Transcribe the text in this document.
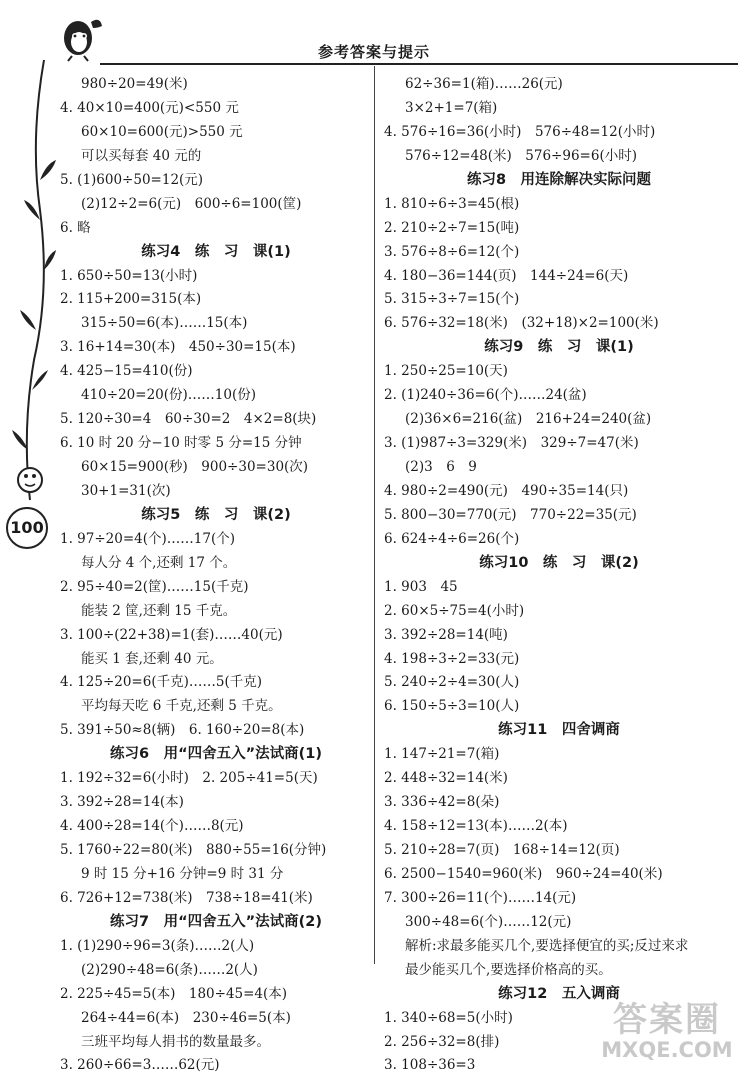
参考答案与提示
100
980÷20=49(米)
4. 40×10=400(元)<550 元
60×10=600(元)>550 元
可以买每套 40 元的
5. (1)600÷50=12(元)
(2)12÷2=6(元)　600÷6=100(筐)
6. 略
练习4　练　习　课(1)
1. 650÷50=13(小时)
2. 115+200=315(本)
315÷50=6(本)……15(本)
3. 16+14=30(本)　450÷30=15(本)
4. 425−15=410(份)
410÷20=20(份)……10(份)
5. 120÷30=4　60÷30=2　4×2=8(块)
6. 10 时 20 分−10 时零 5 分=15 分钟
60×15=900(秒)　900÷30=30(次)
30+1=31(次)
练习5　练　习　课(2)
1. 97÷20=4(个)……17(个)
每人分 4 个,还剩 17 个。
2. 95÷40=2(筐)……15(千克)
能装 2 筐,还剩 15 千克。
3. 100÷(22+38)=1(套)……40(元)
能买 1 套,还剩 40 元。
4. 125÷20=6(千克)……5(千克)
平均每天吃 6 千克,还剩 5 千克。
5. 391÷50≈8(辆)　6. 160÷20=8(本)
练习6　用“四舍五入”法试商(1)
1. 192÷32=6(小时)　2. 205÷41=5(天)
3. 392÷28=14(本)
4. 400÷28=14(个)……8(元)
5. 1760÷22=80(米)　880÷55=16(分钟)
9 时 15 分+16 分钟=9 时 31 分
6. 726+12=738(米)　738÷18=41(米)
练习7　用“四舍五入”法试商(2)
1. (1)290÷96=3(条)……2(人)
(2)290÷48=6(条)……2(人)
2. 225÷45=5(本)　180÷45=4(本)
264÷44=6(本)　230÷46=5(本)
三班平均每人捐书的数量最多。
3. 260÷66=3……62(元)
62÷36=1(箱)……26(元)
3×2+1=7(箱)
4. 576÷16=36(小时)　576÷48=12(小时)
576÷12=48(米)　576÷96=6(小时)
练习8　用连除解决实际问题
1. 810÷6÷3=45(根)
2. 210÷2÷7=15(吨)
3. 576÷8÷6=12(个)
4. 180−36=144(页)　144÷24=6(天)
5. 315÷3÷7=15(个)
6. 576÷32=18(米)　(32+18)×2=100(米)
练习9　练　习　课(1)
1. 250÷25=10(天)
2. (1)240÷36=6(个)……24(盆)
(2)36×6=216(盆)　216+24=240(盆)
3. (1)987÷3=329(米)　329÷7=47(米)
(2)3　6　9
4. 980÷2=490(元)　490÷35=14(只)
5. 800−30=770(元)　770÷22=35(元)
6. 624÷4÷6=26(个)
练习10　练　习　课(2)
1. 903　45
2. 60×5÷75=4(小时)
3. 392÷28=14(吨)
4. 198÷3÷2=33(元)
5. 240÷2÷4=30(人)
6. 150÷5÷3=10(人)
练习11　四舍调商
1. 147÷21=7(箱)
2. 448÷32=14(米)
3. 336÷42=8(朵)
4. 158÷12=13(本)……2(本)
5. 210÷28=7(页)　168÷14=12(页)
6. 2500−1540=960(米)　960÷24=40(米)
7. 300÷26=11(个)……14(元)
300÷48=6(个)……12(元)
解析:求最多能买几个,要选择便宜的买;反过来求
最少能买几个,要选择价格高的买。
练习12　五入调商
1. 340÷68=5(小时)
2. 256÷32=8(排)
3. 108÷36=3
答案圈
MXQE.COM
